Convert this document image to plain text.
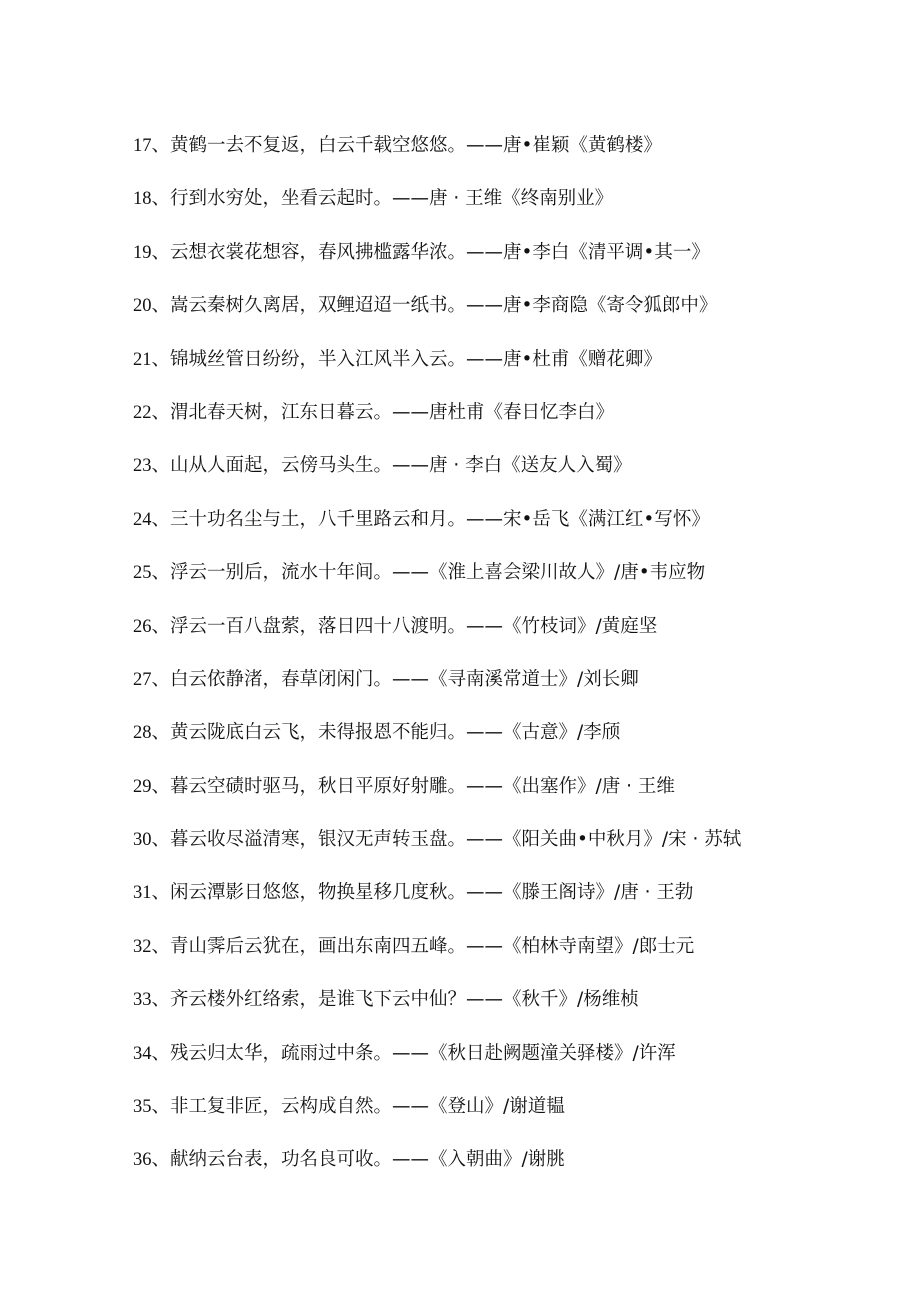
17、黄鹤一去不复返，白云千载空悠悠。——唐•崔颖《黄鹤楼》
18、行到水穷处，坐看云起时。——唐 · 王维《终南别业》
19、云想衣裳花想容，春风拂槛露华浓。——唐•李白《清平调•其一》
20、嵩云秦树久离居，双鲤迢迢一纸书。——唐•李商隐《寄令狐郎中》
21、锦城丝管日纷纷，半入江风半入云。——唐•杜甫《赠花卿》
22、渭北春天树，江东日暮云。——唐杜甫《春日忆李白》
23、山从人面起，云傍马头生。——唐 · 李白《送友人入蜀》
24、三十功名尘与土，八千里路云和月。——宋•岳飞《满江红•写怀》
25、浮云一别后，流水十年间。——《淮上喜会梁川故人》/唐•韦应物
26、浮云一百八盘萦，落日四十八渡明。——《竹枝词》/黄庭坚
27、白云依静渚，春草闭闲门。——《寻南溪常道士》/刘长卿
28、黄云陇底白云飞，未得报恩不能归。——《古意》/李颀
29、暮云空碛时驱马，秋日平原好射雕。——《出塞作》/唐 · 王维
30、暮云收尽溢清寒，银汉无声转玉盘。——《阳关曲•中秋月》/宋 · 苏轼
31、闲云潭影日悠悠，物换星移几度秋。——《滕王阁诗》/唐 · 王勃
32、青山霁后云犹在，画出东南四五峰。——《柏林寺南望》/郎士元
33、齐云楼外红络索，是谁飞下云中仙？——《秋千》/杨维桢
34、残云归太华，疏雨过中条。——《秋日赴阙题潼关驿楼》/许浑
35、非工复非匠，云构成自然。——《登山》/谢道韫
36、献纳云台表，功名良可收。——《入朝曲》/谢朓
